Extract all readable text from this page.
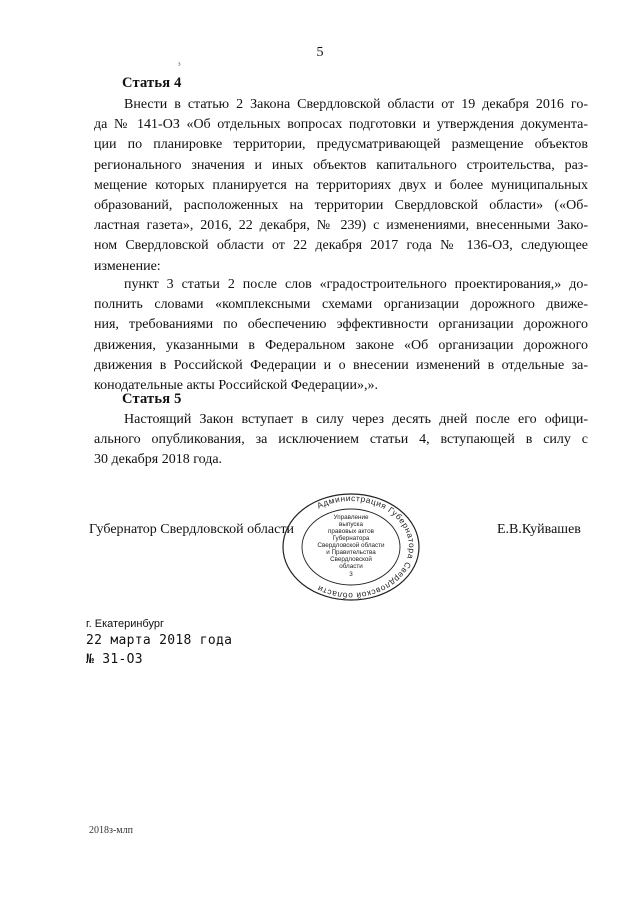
5
ᵌ
Статья 4
Внести в статью 2 Закона Свердловской области от 19 декабря 2016 го-
да № 141-ОЗ «Об отдельных вопросах подготовки и утверждения документа-
ции по планировке территории, предусматривающей размещение объектов
регионального значения и иных объектов капитального строительства, раз-
мещение которых планируется на территориях двух и более муниципальных
образований, расположенных на территории Свердловской области» («Об-
ластная газета», 2016, 22 декабря, № 239) с изменениями, внесенными Зако-
ном Свердловской области от 22 декабря 2017 года № 136-ОЗ, следующее
изменение:
пункт 3 статьи 2 после слов «градостроительного проектирования,» до-
полнить словами «комплексными схемами организации дорожного движе-
ния, требованиями по обеспечению эффективности организации дорожного
движения, указанными в Федеральном законе «Об организации дорожного
движения в Российской Федерации и о внесении изменений в отдельные за-
конодательные акты Российской Федерации»,».
Статья 5
Настоящий Закон вступает в силу через десять дней после его офици-
ального опубликования, за исключением статьи 4, вступающей в силу с
30 декабря 2018 года.
Губернатор Свердловской области	Е.В.Куйвашев
Администрация Губернатора Свердловской области
Управление
выпуска
правовых актов
Губернатора
Свердловской области
и Правительства
Свердловской
области
3
г. Екатеринбург
22 марта 2018 года
№ 31-ОЗ
2018з-млп
